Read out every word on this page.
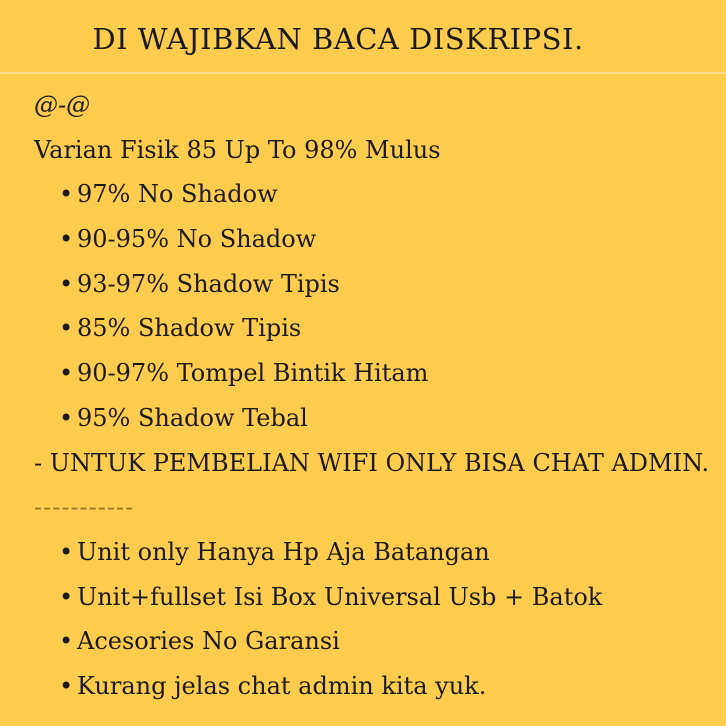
DI WAJIBKAN BACA DISKRIPSI.
@-@
Varian Fisik 85 Up To 98% Mulus
• 97% No Shadow
• 90-95% No Shadow
• 93-97% Shadow Tipis
• 85% Shadow Tipis
• 90-97% Tompel Bintik Hitam
• 95% Shadow Tebal
- UNTUK PEMBELIAN WIFI ONLY BISA CHAT ADMIN.
-----------
• Unit only Hanya Hp Aja Batangan
• Unit+fullset Isi Box Universal Usb + Batok
• Acesories No Garansi
• Kurang jelas chat admin kita yuk.
